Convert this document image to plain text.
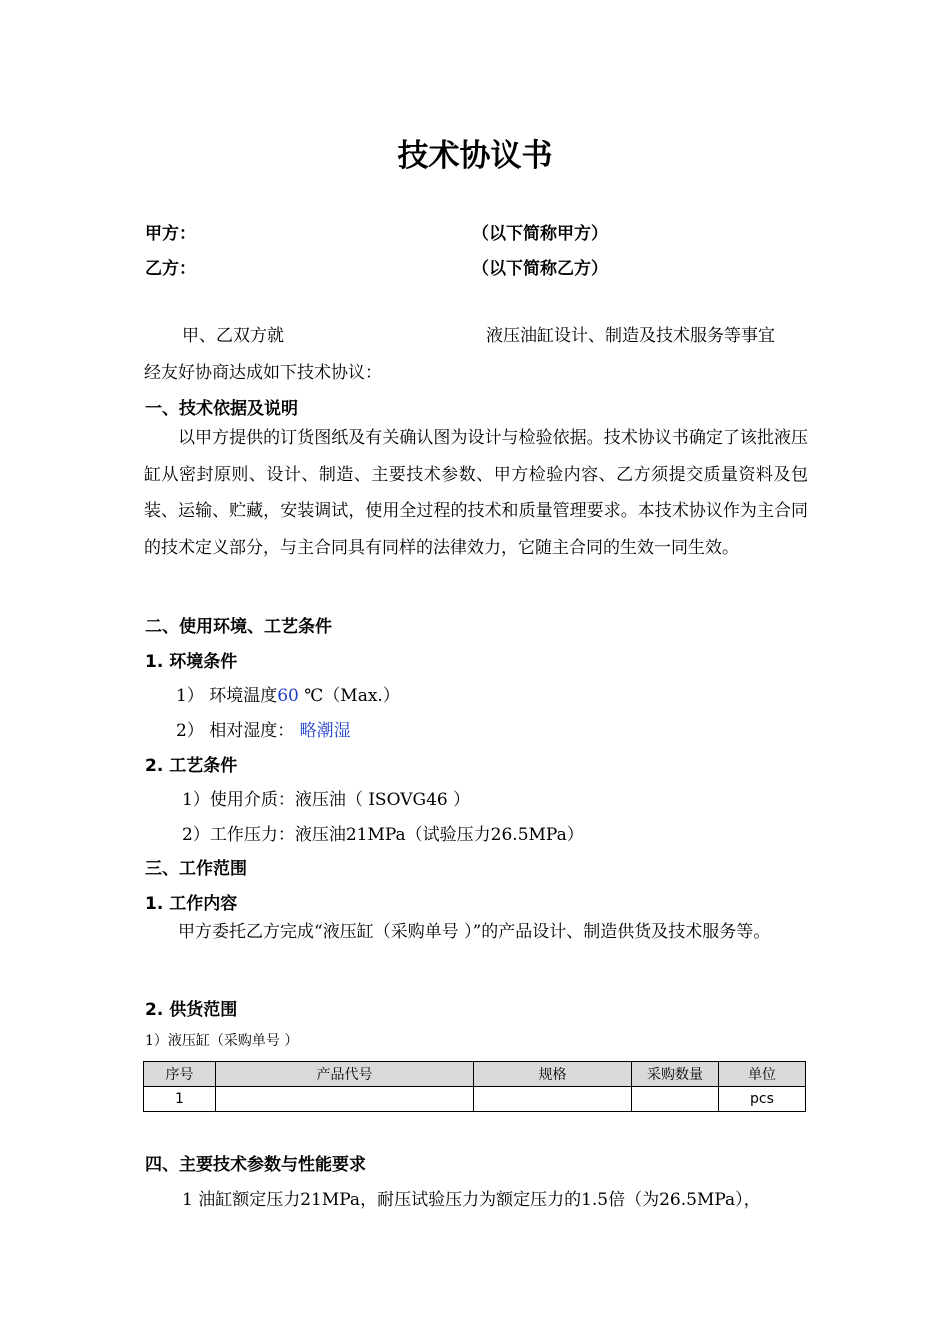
技术协议书
甲方：	（以下简称甲方）
乙方：	（以下简称乙方）
甲、乙双方就	液压油缸设计、制造及技术服务等事宜
经友好协商达成如下技术协议：
一、技术依据及说明
以甲方提供的订货图纸及有关确认图为设计与检验依据。技术协议书确定了该批液压缸从密封原则、设计、制造、主要技术参数、甲方检验内容、乙方须提交质量资料及包装、运输、贮藏，安装调试，使用全过程的技术和质量管理要求。本技术协议作为主合同的技术定义部分，与主合同具有同样的法律效力，它随主合同的生效一同生效。
二、使用环境、工艺条件
1. 环境条件
1） 环境温度60 ℃（Max.）
2） 相对湿度： 略潮湿
2. 工艺条件
1）使用介质：液压油（ ISOVG46 ）
2）工作压力：液压油21MPa（试验压力26.5MPa）
三、工作范围
1. 工作内容
甲方委托乙方完成“液压缸（采购单号 ）”的产品设计、制造供货及技术服务等。
2. 供货范围
1）液压缸（采购单号 ）
序号	产品代号	规格	采购数量	单位
1				pcs
四、主要技术参数与性能要求
1 油缸额定压力21MPa，耐压试验压力为额定压力的1.5倍（为26.5MPa），
